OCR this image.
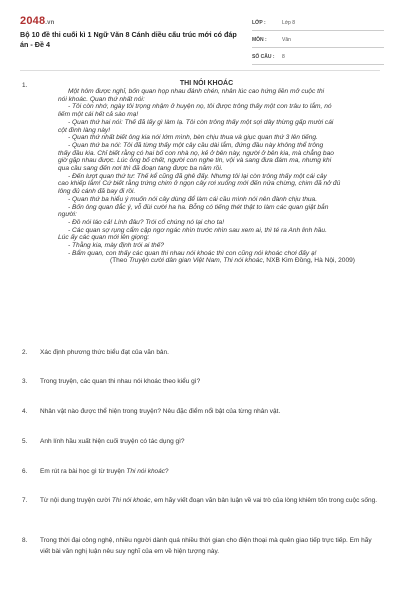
2048.vn
Bộ 10 đề thi cuối kì 1 Ngữ Văn 8 Cánh diều cấu trúc mới có đáp án - Đề 4
LỚP :	Lớp 8
MÔN :	Văn
SỐ CÂU :	8
1.	THI NÓI KHOÁC

Một hôm được nghỉ, bốn quan họp nhau đánh chén, nhân lúc cao hứng liền mở cuộc thi

nói khoác. Quan thứ nhất nói:

- Tôi còn nhớ, ngày tôi trọng nhậm ở huyện nọ, tôi được trông thấy một con trâu to lắm, nó

liếm một cái hết cả sào mạ!

- Quan thứ hai nói: Thế đã lấy gì làm lạ. Tôi còn trông thấy một sợi dây thừng gấp mười cái

cột đình làng này!

- Quan thứ nhất biết ông kia nói lớm mình, bèn chịu thua và giục quan thứ 3 lên tiếng.

- Quan thứ ba nói: Tôi đã từng thấy một cây cầu dài lắm, đứng đầu này không thể trông

thấy đầu kia. Chỉ biết rằng có hai bố con nhà nọ, kẻ ở bên này, người ở bên kia, mà chẳng bao

giờ gặp nhau được. Lúc ông bố chết, người con nghe tin, vội và sang đưa đám ma, nhưng khi

qua cầu sang đến nơi thì đã đoạn tang được ba năm rồi.

- Đến lượt quan thứ tư: Thế kể cũng đã ghê đấy. Nhưng tôi lại còn trông thấy một cái cây

cao khiếp lắm! Cứ biết rằng trứng chim ở ngọn cây rơi xuống mới đến nửa chừng, chim đã nở đủ

lông đủ cánh đã bay đi rồi.

- Quan thứ ba hiểu ý muốn nói cây dùng để làm cái cầu mình nói nên đành chịu thua.

- Bốn ông quan đắc ý, vỗ đùi cười ha ha. Bỗng có tiếng thét thật to làm các quan giật bắn

người:

- Đồ nói láo cả! Lính đâu? Trói cổ chúng nó lại cho ta!

- Các quan sợ rụng cẩm cập ngơ ngác nhìn trước nhìn sau xem ai, thì té ra Anh linh hầu.

Lúc ấy các quan mới lên giọng:

- Thằng kia, mày định trói ai thế?

- Bẩm quan, con thấy các quan thi nhau nói khoác thì con cũng nói khoác chơi đấy ạ!

(Theo Truyện cười dân gian Việt Nam, Thi nói khoác, NXB Kim Đồng, Hà Nội, 2009)

2. Xác định phương thức biểu đạt của văn bản.
3. Trong truyện, các quan thi nhau nói khoác theo kiểu gì?
4. Nhân vật nào được thể hiện trong truyện? Nêu đặc điểm nổi bật của từng nhân vật.
5. Anh lính hầu xuất hiện cuối truyện có tác dụng gì?
6. Em rút ra bài học gì từ truyện Thi nói khoác?
7. Từ nội dung truyện cười Thi nói khoác, em hãy viết đoạn văn bản luận về vai trò của lòng khiêm tốn trong cuộc sống.
8. Trong thời đại công nghệ, nhiều người dành quá nhiều thời gian cho điện thoại mà quên giao tiếp trực tiếp. Em hãy viết bài văn nghị luận nêu suy nghĩ của em về hiện tượng này.
